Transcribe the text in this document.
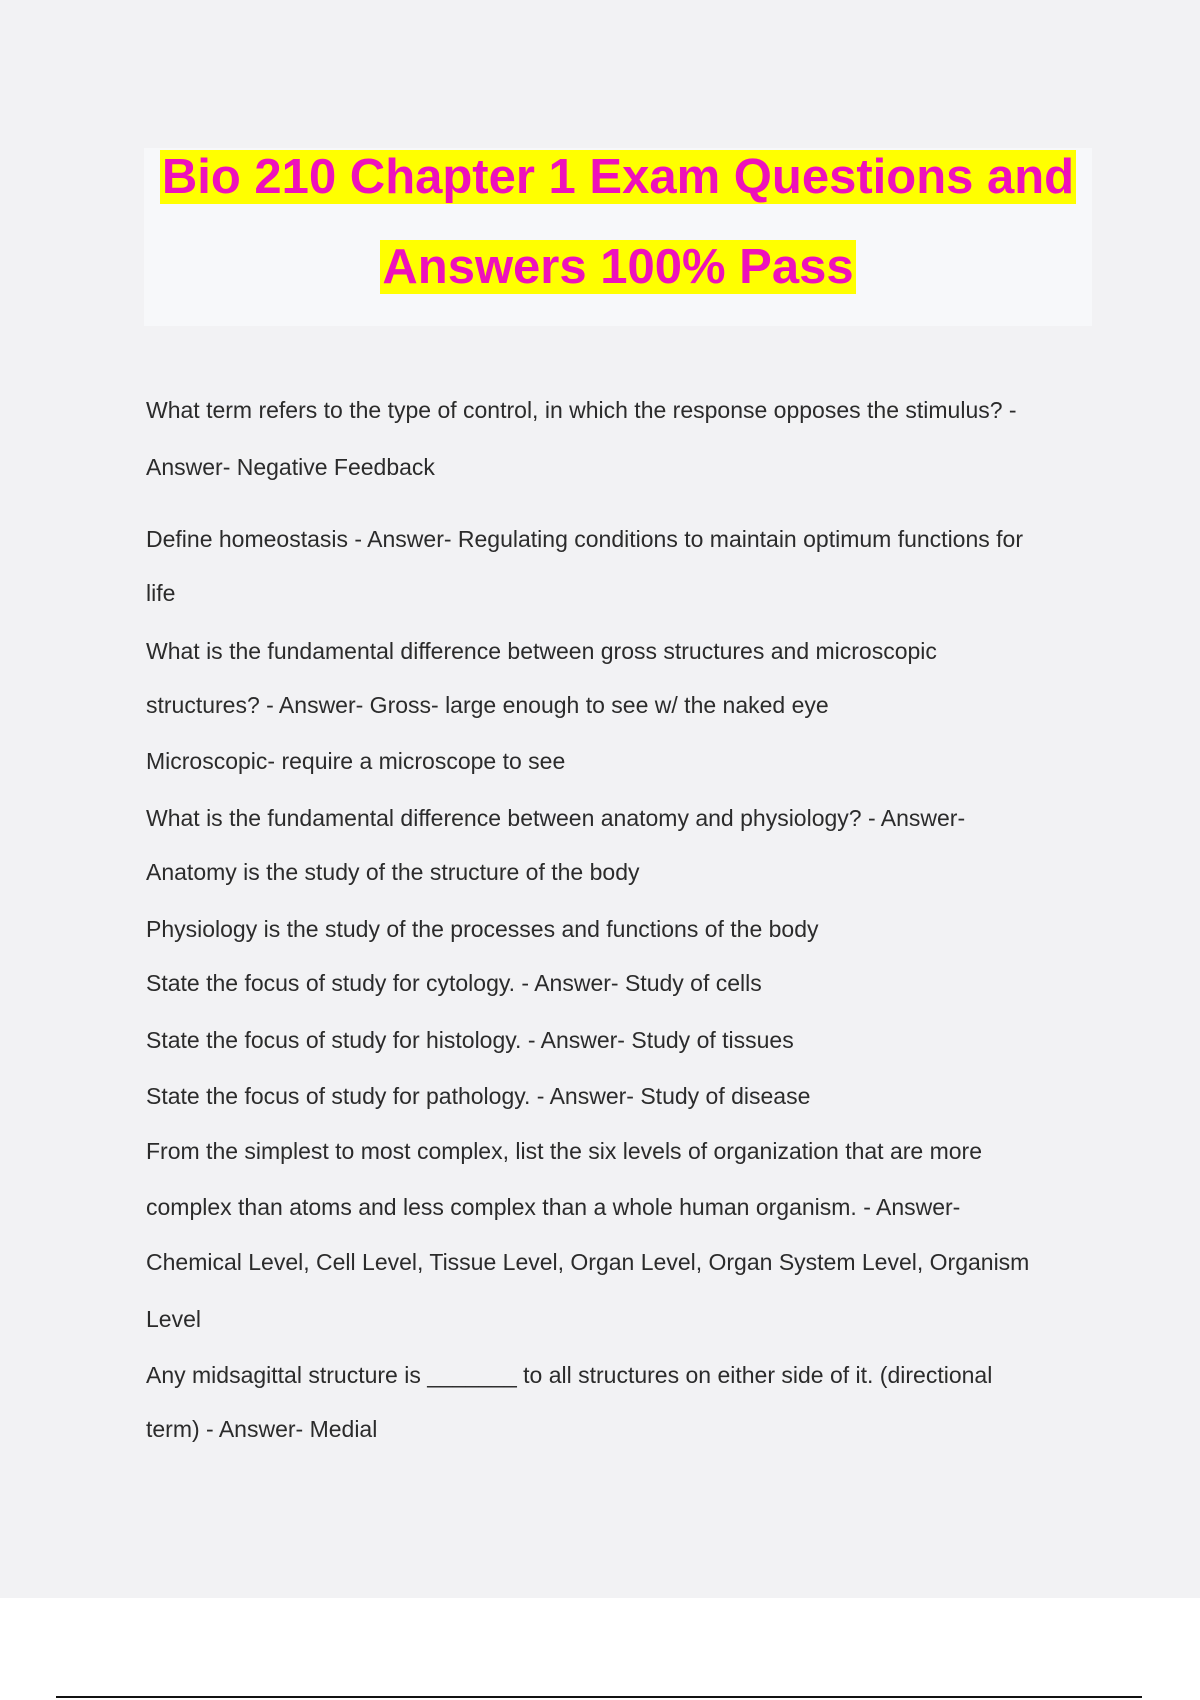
Bio 210 Chapter 1 Exam Questions and
Answers 100% Pass
What term refers to the type of control, in which the response opposes the stimulus? -
Answer- Negative Feedback
Define homeostasis - Answer- Regulating conditions to maintain optimum functions for
life
What is the fundamental difference between gross structures and microscopic
structures? - Answer- Gross- large enough to see w/ the naked eye
Microscopic- require a microscope to see
What is the fundamental difference between anatomy and physiology? - Answer-
Anatomy is the study of the structure of the body
Physiology is the study of the processes and functions of the body
State the focus of study for cytology. - Answer- Study of cells
State the focus of study for histology. - Answer- Study of tissues
State the focus of study for pathology. - Answer- Study of disease
From the simplest to most complex, list the six levels of organization that are more
complex than atoms and less complex than a whole human organism. - Answer-
Chemical Level, Cell Level, Tissue Level, Organ Level, Organ System Level, Organism
Level
Any midsagittal structure is _______ to all structures on either side of it. (directional
term) - Answer- Medial
